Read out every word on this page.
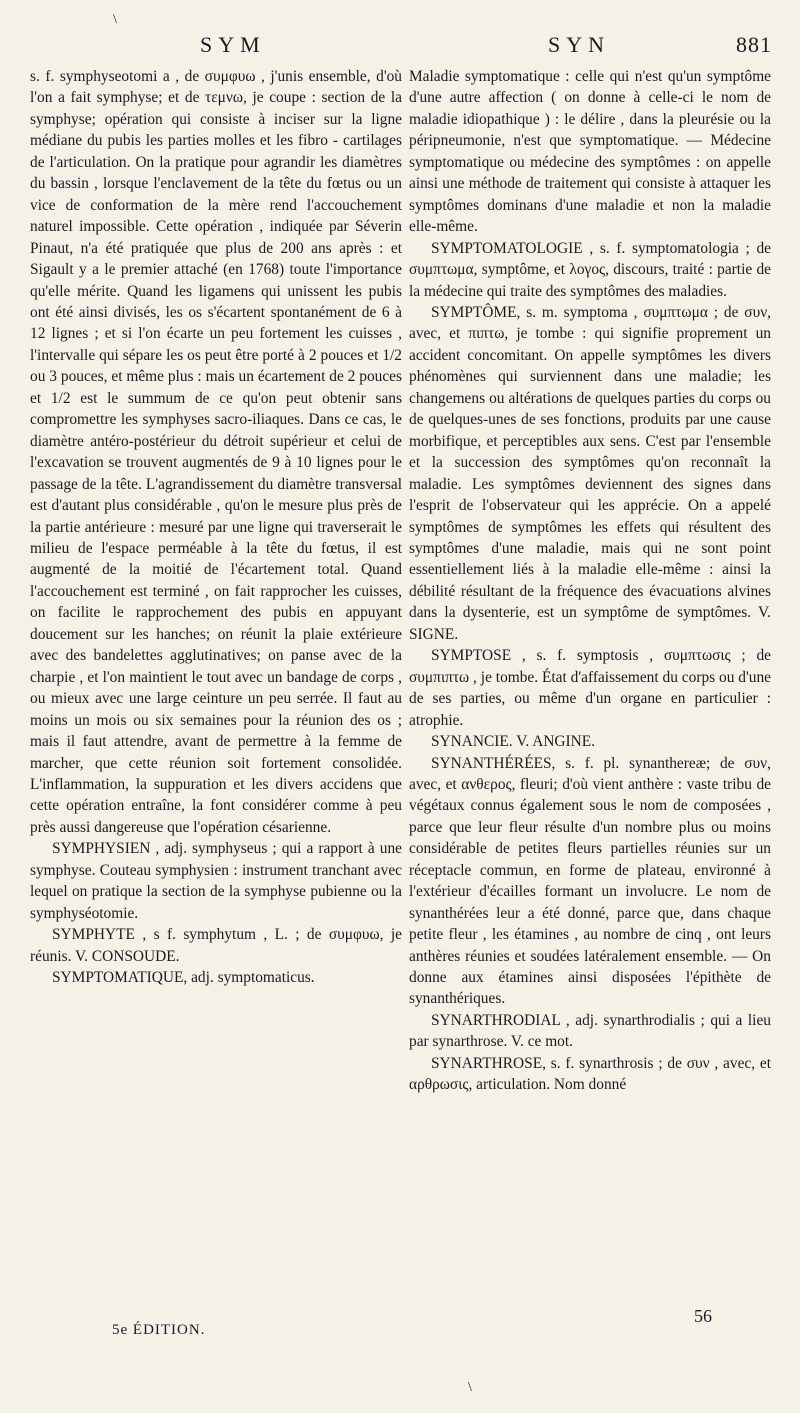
\
SYM	SYN	881

s. f. symphyseotomi a , de συμφυω , j'unis ensemble, d'où l'on a fait symphyse; et de τεμνω, je coupe : section de la symphyse; opération qui consiste à inciser sur la ligne médiane du pubis les parties molles et les fibro - cartilages de l'articulation. On la pratique pour agrandir les diamètres du bassin , lorsque l'enclavement de la tête du fœtus ou un vice de conformation de la mère rend l'accouchement naturel impossible. Cette opération , indiquée par Séverin Pinaut, n'a été pratiquée que plus de 200 ans après : et Sigault y a le premier attaché (en 1768) toute l'importance qu'elle mérite. Quand les ligamens qui unissent les pubis ont été ainsi divisés, les os s'écartent spontanément de 6 à 12 lignes ; et si l'on écarte un peu fortement les cuisses , l'intervalle qui sépare les os peut être porté à 2 pouces et 1/2 ou 3 pouces, et même plus : mais un écartement de 2 pouces et 1/2 est le summum de ce qu'on peut obtenir sans compromettre les symphyses sacro-iliaques. Dans ce cas, le diamètre antéro-postérieur du détroit supérieur et celui de l'excavation se trouvent augmentés de 9 à 10 lignes pour le passage de la tête. L'agrandissement du diamètre transversal est d'autant plus considérable , qu'on le mesure plus près de la partie antérieure : mesuré par une ligne qui traverserait le milieu de l'espace perméable à la tête du fœtus, il est augmenté de la moitié de l'écartement total. Quand l'accouchement est terminé , on fait rapprocher les cuisses, on facilite le rapprochement des pubis en appuyant doucement sur les hanches; on réunit la plaie extérieure avec des bandelettes agglutinatives; on panse avec de la charpie , et l'on maintient le tout avec un bandage de corps , ou mieux avec une large ceinture un peu serrée. Il faut au moins un mois ou six semaines pour la réunion des os ; mais il faut attendre, avant de permettre à la femme de marcher, que cette réunion soit fortement consolidée. L'inflammation, la suppuration et les divers accidens que cette opération entraîne, la font considérer comme à peu près aussi dangereuse que l'opération césarienne.

SYMPHYSIEN , adj. symphyseus ; qui a rapport à une symphyse. Couteau symphysien : instrument tranchant avec lequel on pratique la section de la symphyse pubienne ou la symphyséotomie.

SYMPHYTE , s f. symphytum , L. ; de συμφυω, je réunis. V. CONSOUDE.

SYMPTOMATIQUE, adj. symptomaticus.

Maladie symptomatique : celle qui n'est qu'un symptôme d'une autre affection ( on donne à celle-ci le nom de maladie idiopathique ) : le délire , dans la pleurésie ou la péripneumonie, n'est que symptomatique. — Médecine symptomatique ou médecine des symptômes : on appelle ainsi une méthode de traitement qui consiste à attaquer les symptômes dominans d'une maladie et non la maladie elle-même.

SYMPTOMATOLOGIE , s. f. symptomatologia ; de συμπτωμα, symptôme, et λογος, discours, traité : partie de la médecine qui traite des symptômes des maladies.

SYMPTÔME, s. m. symptoma , συμπτωμα ; de συν, avec, et πιπτω, je tombe : qui signifie proprement un accident concomitant. On appelle symptômes les divers phénomènes qui surviennent dans une maladie; les changemens ou altérations de quelques parties du corps ou de quelques-unes de ses fonctions, produits par une cause morbifique, et perceptibles aux sens. C'est par l'ensemble et la succession des symptômes qu'on reconnaît la maladie. Les symptômes deviennent des signes dans l'esprit de l'observateur qui les apprécie. On a appelé symptômes de symptômes les effets qui résultent des symptômes d'une maladie, mais qui ne sont point essentiellement liés à la maladie elle-même : ainsi la débilité résultant de la fréquence des évacuations alvines dans la dysenterie, est un symptôme de symptômes. V. SIGNE.

SYMPTOSE , s. f. symptosis , συμπτωσις ; de συμπιπτω , je tombe. État d'affaissement du corps ou d'une de ses parties, ou même d'un organe en particulier : atrophie.

SYNANCIE. V. ANGINE.

SYNANTHÉRÉES, s. f. pl. synanthereæ; de συν, avec, et ανθερος, fleuri; d'où vient anthère : vaste tribu de végétaux connus également sous le nom de composées , parce que leur fleur résulte d'un nombre plus ou moins considérable de petites fleurs partielles réunies sur un réceptacle commun, en forme de plateau, environné à l'extérieur d'écailles formant un involucre. Le nom de synanthérées leur a été donné, parce que, dans chaque petite fleur , les étamines , au nombre de cinq , ont leurs anthères réunies et soudées latéralement ensemble. — On donne aux étamines ainsi disposées l'épithète de synanthériques.

SYNARTHRODIAL , adj. synarthrodialis ; qui a lieu par synarthrose. V. ce mot.

SYNARTHROSE, s. f. synarthrosis ; de συν , avec, et αρθρωσις, articulation. Nom donné

5e ÉDITION.
56
\
